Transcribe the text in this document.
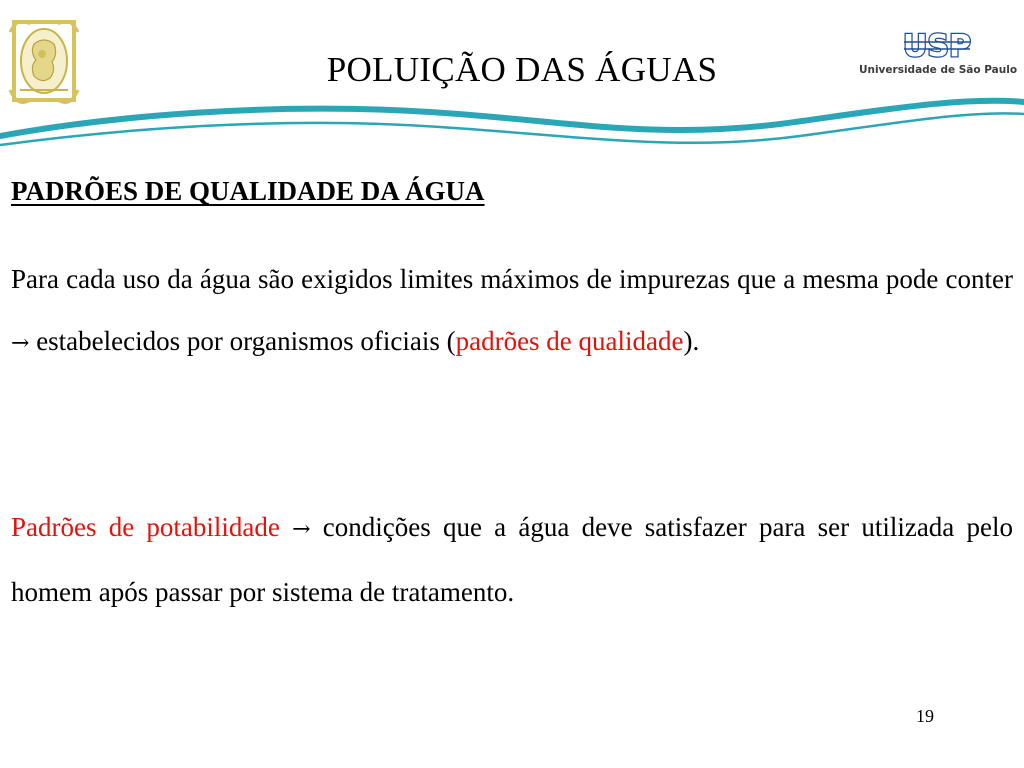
POLUIÇÃO DAS ÁGUAS
USP
Universidade de São Paulo
PADRÕES DE QUALIDADE DA ÁGUA

Para cada uso da água são exigidos limites máximos de impurezas que a mesma pode conter → estabelecidos por organismos oficiais (padrões de qualidade).

Padrões de potabilidade → condições que a água deve satisfazer para ser utilizada pelo homem após passar por sistema de tratamento.

19
